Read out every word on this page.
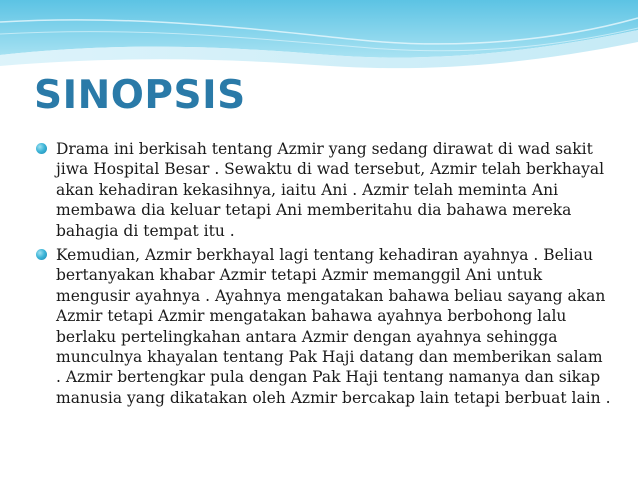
SINOPSIS

Drama ini berkisah tentang Azmir yang sedang dirawat di wad sakit jiwa Hospital Besar . Sewaktu di wad tersebut, Azmir telah berkhayal akan kehadiran kekasihnya, iaitu Ani . Azmir telah meminta Ani membawa dia keluar tetapi Ani memberitahu dia bahawa mereka bahagia di tempat itu .

Kemudian, Azmir berkhayal lagi tentang kehadiran ayahnya . Beliau bertanyakan khabar Azmir tetapi Azmir memanggil Ani untuk mengusir ayahnya . Ayahnya mengatakan bahawa beliau sayang akan Azmir tetapi Azmir mengatakan bahawa ayahnya berbohong lalu berlaku pertelingkahan antara Azmir dengan ayahnya sehingga munculnya khayalan tentang Pak Haji datang dan memberikan salam . Azmir bertengkar pula dengan Pak Haji tentang namanya dan sikap manusia yang dikatakan oleh Azmir bercakap lain tetapi berbuat lain .
